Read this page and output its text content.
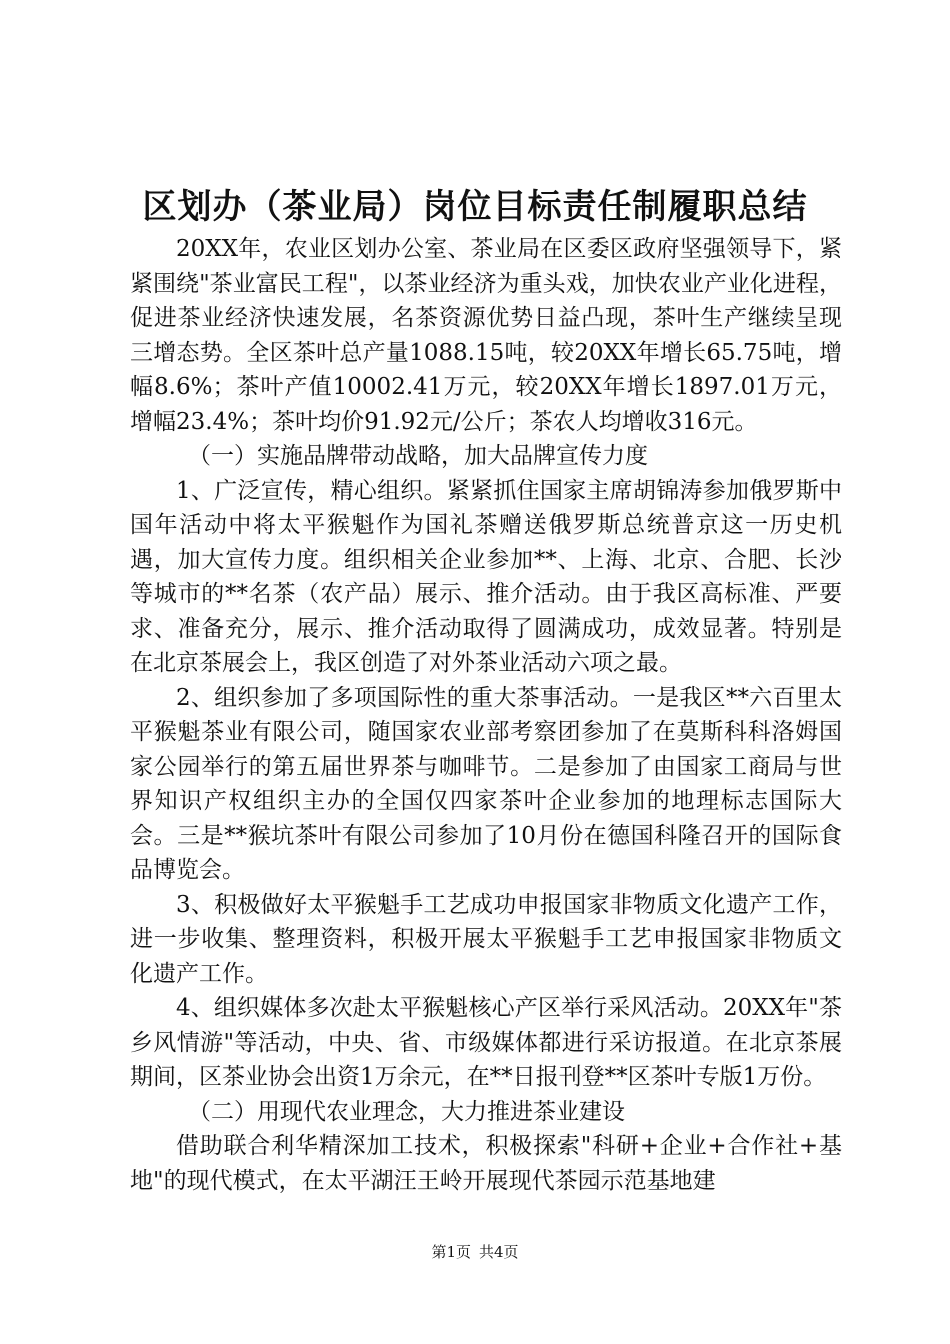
区划办（茶业局）岗位目标责任制履职总结

20XX年，农业区划办公室、茶业局在区委区政府坚强领导下，紧紧围绕"茶业富民工程"，以茶业经济为重头戏，加快农业产业化进程，促进茶业经济快速发展，名茶资源优势日益凸现，茶叶生产继续呈现三增态势。全区茶叶总产量1088.15吨，较20XX年增长65.75吨，增幅8.6%；茶叶产值10002.41万元，较20XX年增长1897.01万元，增幅23.4%；茶叶均价91.92元/公斤；茶农人均增收316元。

（一）实施品牌带动战略，加大品牌宣传力度

1、广泛宣传，精心组织。紧紧抓住国家主席胡锦涛参加俄罗斯中国年活动中将太平猴魁作为国礼茶赠送俄罗斯总统普京这一历史机遇，加大宣传力度。组织相关企业参加**、上海、北京、合肥、长沙等城市的**名茶（农产品）展示、推介活动。由于我区高标准、严要求、准备充分，展示、推介活动取得了圆满成功，成效显著。特别是在北京茶展会上，我区创造了对外茶业活动六项之最。

2、组织参加了多项国际性的重大茶事活动。一是我区**六百里太平猴魁茶业有限公司，随国家农业部考察团参加了在莫斯科科洛姆国家公园举行的第五届世界茶与咖啡节。二是参加了由国家工商局与世界知识产权组织主办的全国仅四家茶叶企业参加的地理标志国际大会。三是**猴坑茶叶有限公司参加了10月份在德国科隆召开的国际食品博览会。

3、积极做好太平猴魁手工艺成功申报国家非物质文化遗产工作，进一步收集、整理资料，积极开展太平猴魁手工艺申报国家非物质文化遗产工作。

4、组织媒体多次赴太平猴魁核心产区举行采风活动。20XX年"茶乡风情游"等活动，中央、省、市级媒体都进行采访报道。在北京茶展期间，区茶业协会出资1万余元，在**日报刊登**区茶叶专版1万份。

（二）用现代农业理念，大力推进茶业建设

借助联合利华精深加工技术，积极探索"科研+企业+合作社+基地"的现代模式，在太平湖汪王岭开展现代茶园示范基地建

第1页 共4页
